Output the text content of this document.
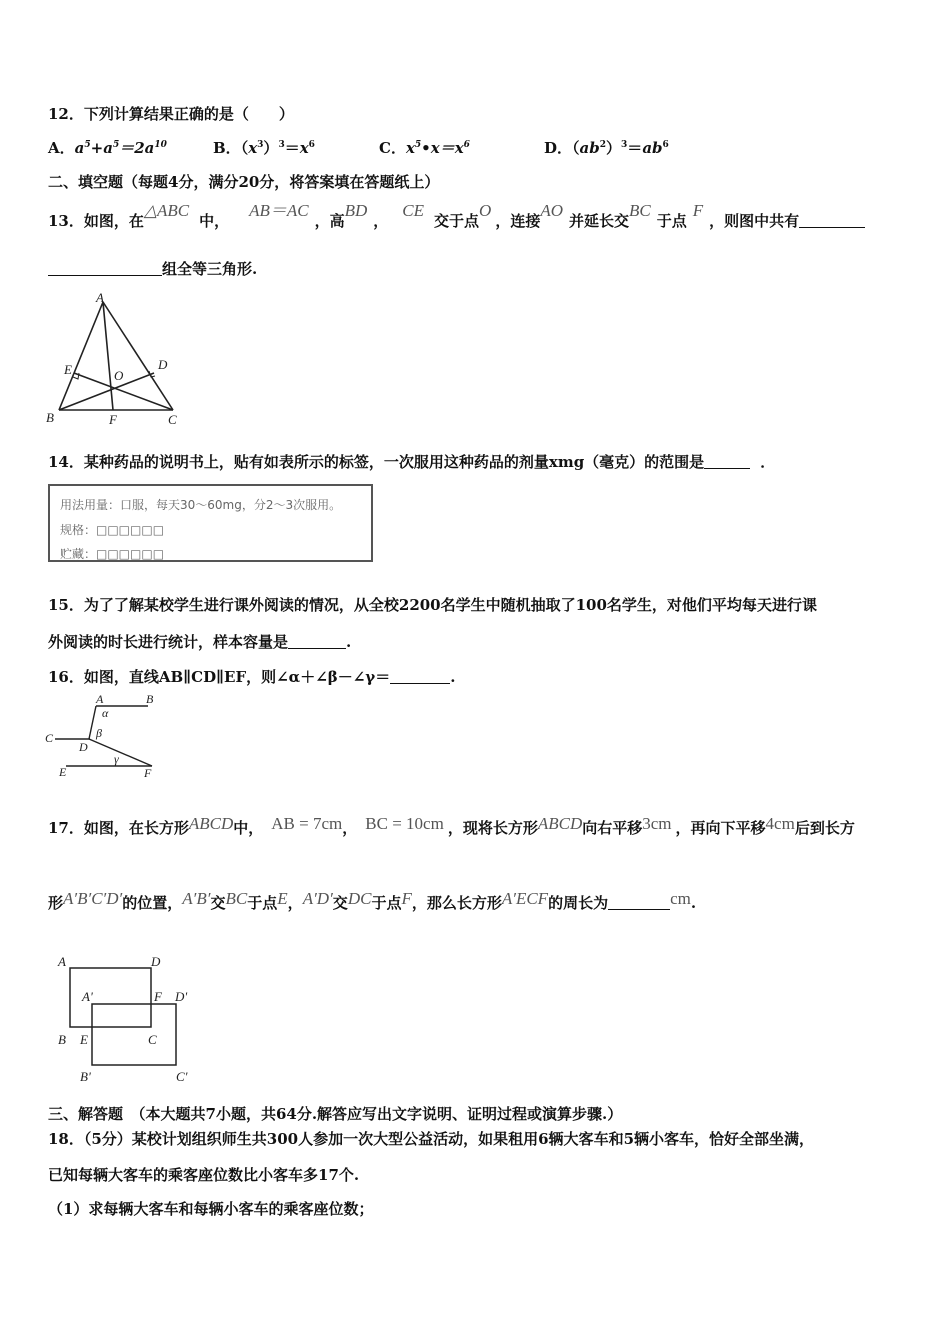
12．下列计算结果正确的是（　　）
A．$a^5+a^5=2a^{10}$	B．$(x^3)^3=x^6$	C．$x^5•x=x^6$	D．$(ab^2)^3=ab^6$
二、填空题（每题4分，满分20分，将答案填在答题纸上）
13．如图，在△ABC中，AB＝AC，高BD，CE交于点O，连接AO并延长交BC于点F，则图中共有
组全等三角形.
A
B	C
D
E
F
O
14．某种药品的说明书上，贴有如表所示的标签，一次服用这种药品的剂量xmg（毫克）的范围是	．
用法用量：口服，每天30～60mg，分2～3次服用。
规格：□□□□□□
贮藏：□□□□□□
15．为了了解某校学生进行课外阅读的情况，从全校2200名学生中随机抽取了100名学生，对他们平均每天进行课
外阅读的时长进行统计，样本容量是	.
16．如图，直线AB∥CD∥EF，则∠α＋∠β－∠γ＝	.
A	B
C
D
E	F
α
β
γ
17．如图，在长方形ABCD中， AB = 7cm， BC = 10cm ，现将长方形ABCD向右平移3cm ，再向下平移4cm后到长方
形A′B′C′D′的位置，A′B′交BC于点E，A′D′交DC于点F，那么长方形A′ECF的周长为	cm.
A	D
A'	F D'
B E	C
B'	C'
三、解答题　（本大题共7小题，共64分.解答应写出文字说明、证明过程或演算步骤.）
18．（5分）某校计划组织师生共300人参加一次大型公益活动，如果租用6辆大客车和5辆小客车，恰好全部坐满，
已知每辆大客车的乘客座位数比小客车多17个.
（1）求每辆大客车和每辆小客车的乘客座位数；
